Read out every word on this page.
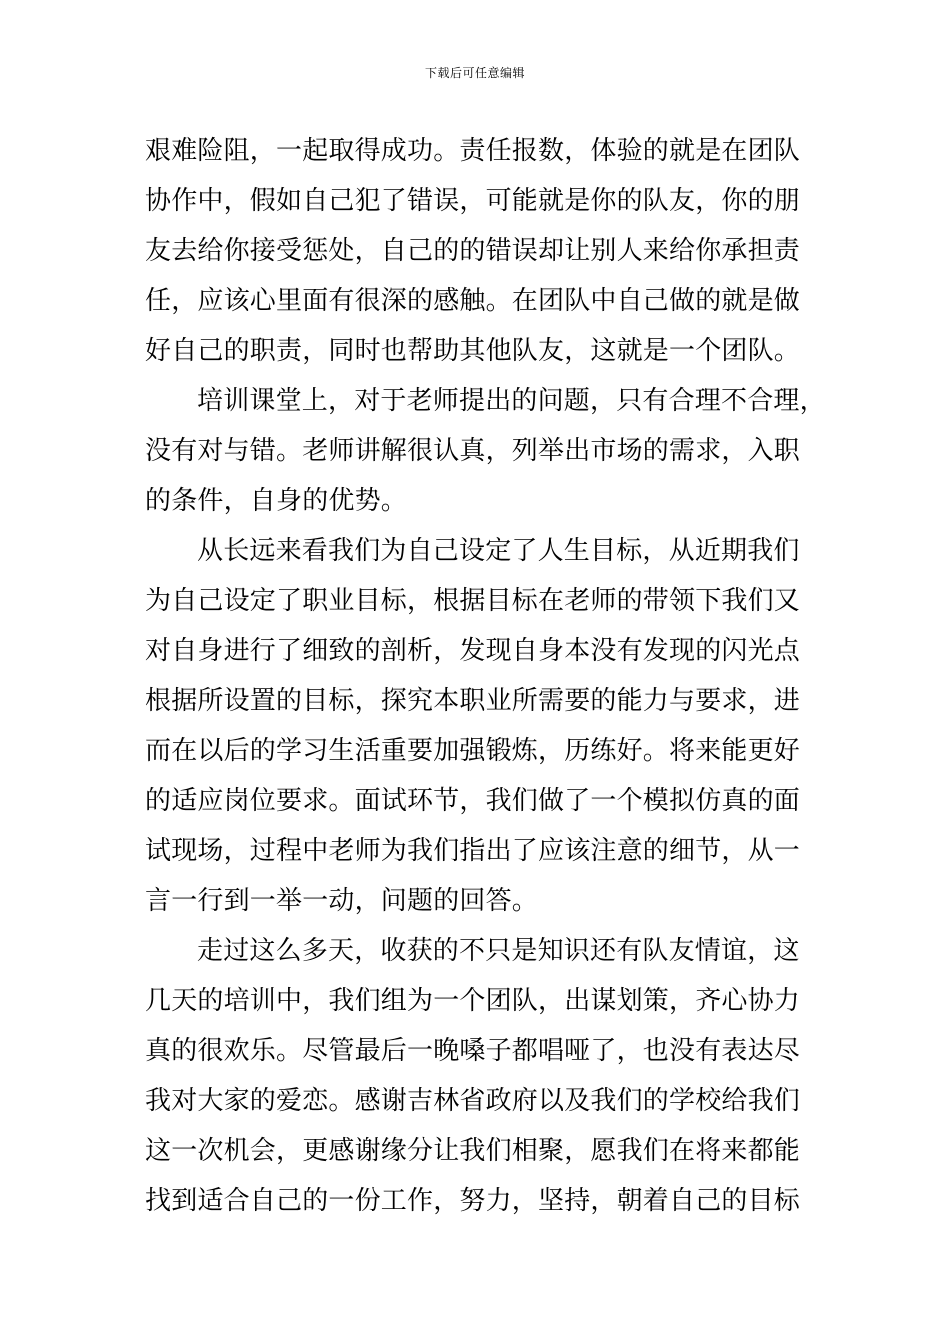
下载后可任意编辑
艰难险阻，一起取得成功。责任报数，体验的就是在团队
协作中，假如自己犯了错误，可能就是你的队友，你的朋
友去给你接受惩处，自己的的错误却让别人来给你承担责
任，应该心里面有很深的感触。在团队中自己做的就是做
好自己的职责，同时也帮助其他队友，这就是一个团队。
培训课堂上，对于老师提出的问题，只有合理不合理，
没有对与错。老师讲解很认真，列举出市场的需求，入职
的条件，自身的优势。
从长远来看我们为自己设定了人生目标，从近期我们
为自己设定了职业目标，根据目标在老师的带领下我们又
对自身进行了细致的剖析，发现自身本没有发现的闪光点
根据所设置的目标，探究本职业所需要的能力与要求，进
而在以后的学习生活重要加强锻炼，历练好。将来能更好
的适应岗位要求。面试环节，我们做了一个模拟仿真的面
试现场，过程中老师为我们指出了应该注意的细节，从一
言一行到一举一动，问题的回答。
走过这么多天，收获的不只是知识还有队友情谊，这
几天的培训中，我们组为一个团队，出谋划策，齐心协力
真的很欢乐。尽管最后一晚嗓子都唱哑了，也没有表达尽
我对大家的爱恋。感谢吉林省政府以及我们的学校给我们
这一次机会，更感谢缘分让我们相聚，愿我们在将来都能
找到适合自己的一份工作，努力，坚持，朝着自己的目标
